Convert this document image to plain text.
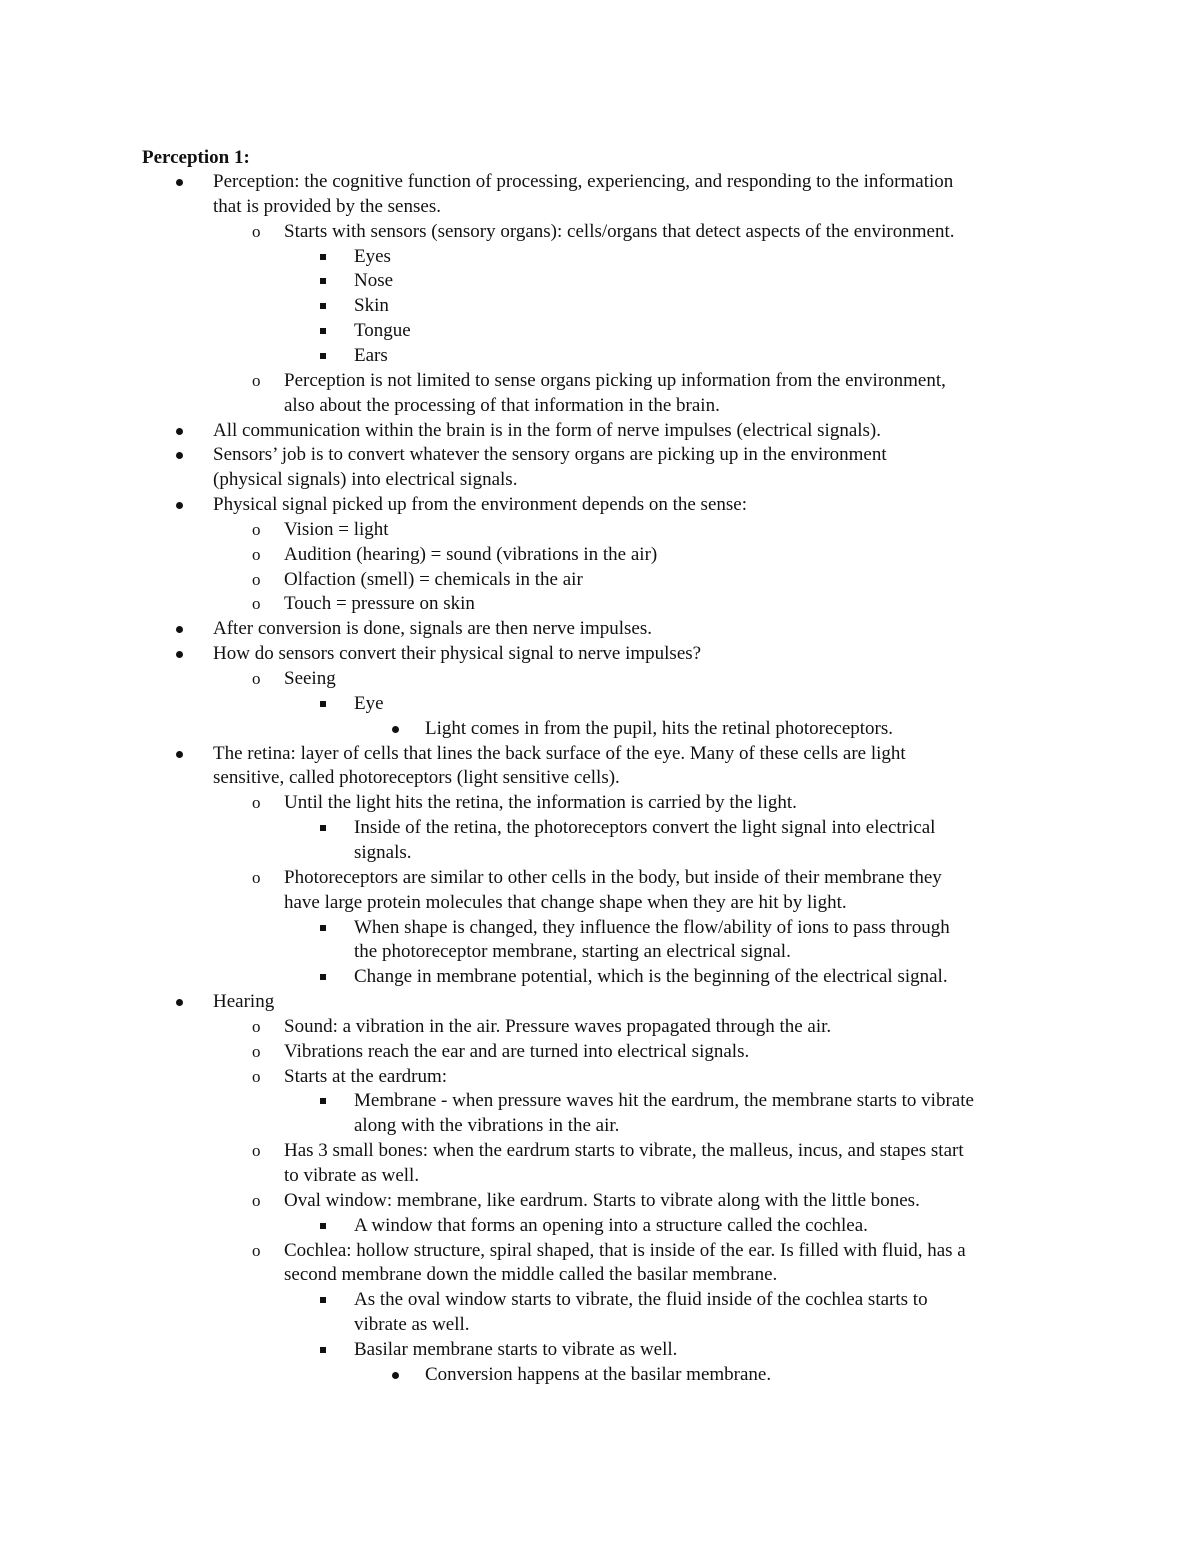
Perception 1:
Perception: the cognitive function of processing, experiencing, and responding to the information
that is provided by the senses.
o
Starts with sensors (sensory organs): cells/organs that detect aspects of the environment.
Eyes
Nose
Skin
Tongue
Ears
o
Perception is not limited to sense organs picking up information from the environment,
also about the processing of that information in the brain.
All communication within the brain is in the form of nerve impulses (electrical signals).
Sensors’ job is to convert whatever the sensory organs are picking up in the environment
(physical signals) into electrical signals.
Physical signal picked up from the environment depends on the sense:
o
Vision = light
o
Audition (hearing) = sound (vibrations in the air)
o
Olfaction (smell) = chemicals in the air
o
Touch = pressure on skin
After conversion is done, signals are then nerve impulses.
How do sensors convert their physical signal to nerve impulses?
o
Seeing
Eye
Light comes in from the pupil, hits the retinal photoreceptors.
The retina: layer of cells that lines the back surface of the eye. Many of these cells are light
sensitive, called photoreceptors (light sensitive cells).
o
Until the light hits the retina, the information is carried by the light.
Inside of the retina, the photoreceptors convert the light signal into electrical
signals.
o
Photoreceptors are similar to other cells in the body, but inside of their membrane they
have large protein molecules that change shape when they are hit by light.
When shape is changed, they influence the flow/ability of ions to pass through
the photoreceptor membrane, starting an electrical signal.
Change in membrane potential, which is the beginning of the electrical signal.
Hearing
o
Sound: a vibration in the air. Pressure waves propagated through the air.
o
Vibrations reach the ear and are turned into electrical signals.
o
Starts at the eardrum:
Membrane - when pressure waves hit the eardrum, the membrane starts to vibrate
along with the vibrations in the air.
o
Has 3 small bones: when the eardrum starts to vibrate, the malleus, incus, and stapes start
to vibrate as well.
o
Oval window: membrane, like eardrum. Starts to vibrate along with the little bones.
A window that forms an opening into a structure called the cochlea.
o
Cochlea: hollow structure, spiral shaped, that is inside of the ear. Is filled with fluid, has a
second membrane down the middle called the basilar membrane.
As the oval window starts to vibrate, the fluid inside of the cochlea starts to
vibrate as well.
Basilar membrane starts to vibrate as well.
Conversion happens at the basilar membrane.
